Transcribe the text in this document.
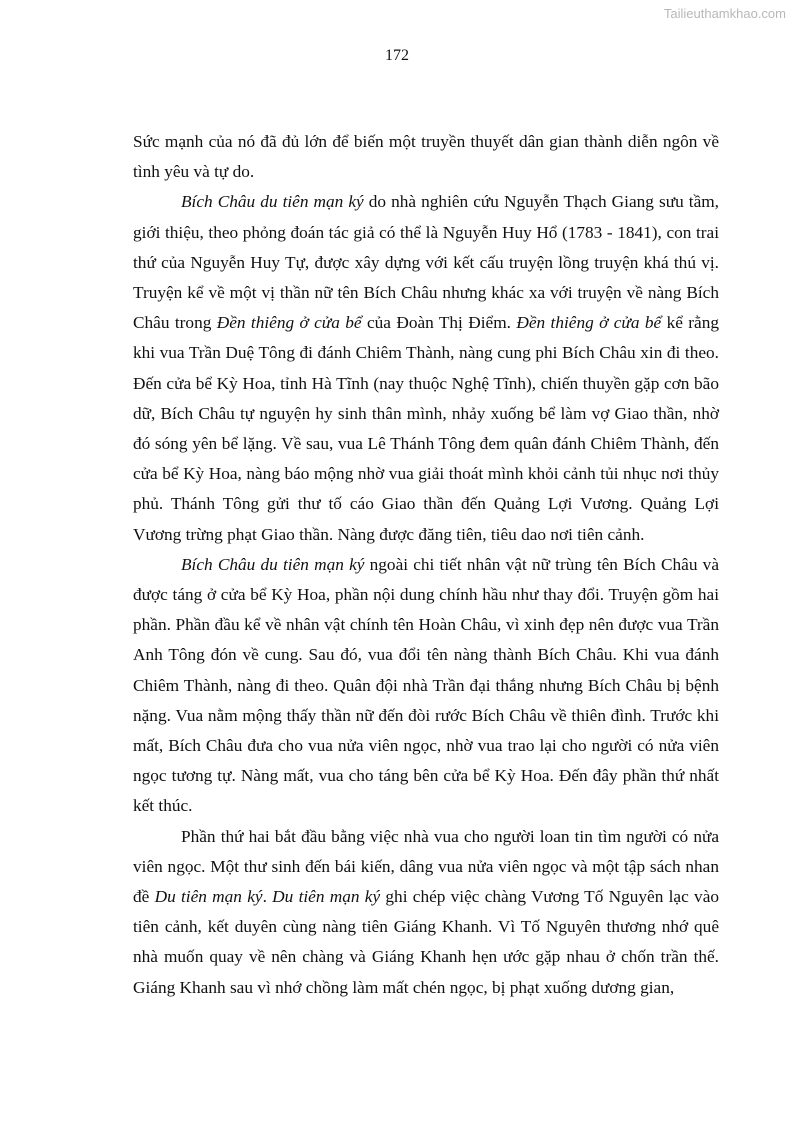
Tailieuthamkhao.com
172

Sức mạnh của nó đã đủ lớn để biến một truyền thuyết dân gian thành diễn ngôn về tình yêu và tự do.

Bích Châu du tiên mạn ký do nhà nghiên cứu Nguyễn Thạch Giang sưu tầm, giới thiệu, theo phỏng đoán tác giả có thể là Nguyễn Huy Hổ (1783 - 1841), con trai thứ của Nguyễn Huy Tự, được xây dựng với kết cấu truyện lồng truyện khá thú vị. Truyện kể về một vị thần nữ tên Bích Châu nhưng khác xa với truyện về nàng Bích Châu trong Đền thiêng ở cửa bể của Đoàn Thị Điểm. Đền thiêng ở cửa bể kể rằng khi vua Trần Duệ Tông đi đánh Chiêm Thành, nàng cung phi Bích Châu xin đi theo. Đến cửa bể Kỳ Hoa, tỉnh Hà Tĩnh (nay thuộc Nghệ Tĩnh), chiến thuyền gặp cơn bão dữ, Bích Châu tự nguyện hy sinh thân mình, nhảy xuống bể làm vợ Giao thần, nhờ đó sóng yên bể lặng. Về sau, vua Lê Thánh Tông đem quân đánh Chiêm Thành, đến cửa bể Kỳ Hoa, nàng báo mộng nhờ vua giải thoát mình khỏi cảnh tủi nhục nơi thủy phủ. Thánh Tông gửi thư tố cáo Giao thần đến Quảng Lợi Vương. Quảng Lợi Vương trừng phạt Giao thần. Nàng được đăng tiên, tiêu dao nơi tiên cảnh.

Bích Châu du tiên mạn ký ngoài chi tiết nhân vật nữ trùng tên Bích Châu và được táng ở cửa bể Kỳ Hoa, phần nội dung chính hầu như thay đổi. Truyện gồm hai phần. Phần đầu kể về nhân vật chính tên Hoàn Châu, vì xinh đẹp nên được vua Trần Anh Tông đón về cung. Sau đó, vua đổi tên nàng thành Bích Châu. Khi vua đánh Chiêm Thành, nàng đi theo. Quân đội nhà Trần đại thắng nhưng Bích Châu bị bệnh nặng. Vua nằm mộng thấy thần nữ đến đòi rước Bích Châu về thiên đình. Trước khi mất, Bích Châu đưa cho vua nửa viên ngọc, nhờ vua trao lại cho người có nửa viên ngọc tương tự. Nàng mất, vua cho táng bên cửa bể Kỳ Hoa. Đến đây phần thứ nhất kết thúc.

Phần thứ hai bắt đầu bằng việc nhà vua cho người loan tin tìm người có nửa viên ngọc. Một thư sinh đến bái kiến, dâng vua nửa viên ngọc và một tập sách nhan đề Du tiên mạn ký. Du tiên mạn ký ghi chép việc chàng Vương Tố Nguyên lạc vào tiên cảnh, kết duyên cùng nàng tiên Giáng Khanh. Vì Tố Nguyên thương nhớ quê nhà muốn quay về nên chàng và Giáng Khanh hẹn ước gặp nhau ở chốn trần thế. Giáng Khanh sau vì nhớ chồng làm mất chén ngọc, bị phạt xuống dương gian,
